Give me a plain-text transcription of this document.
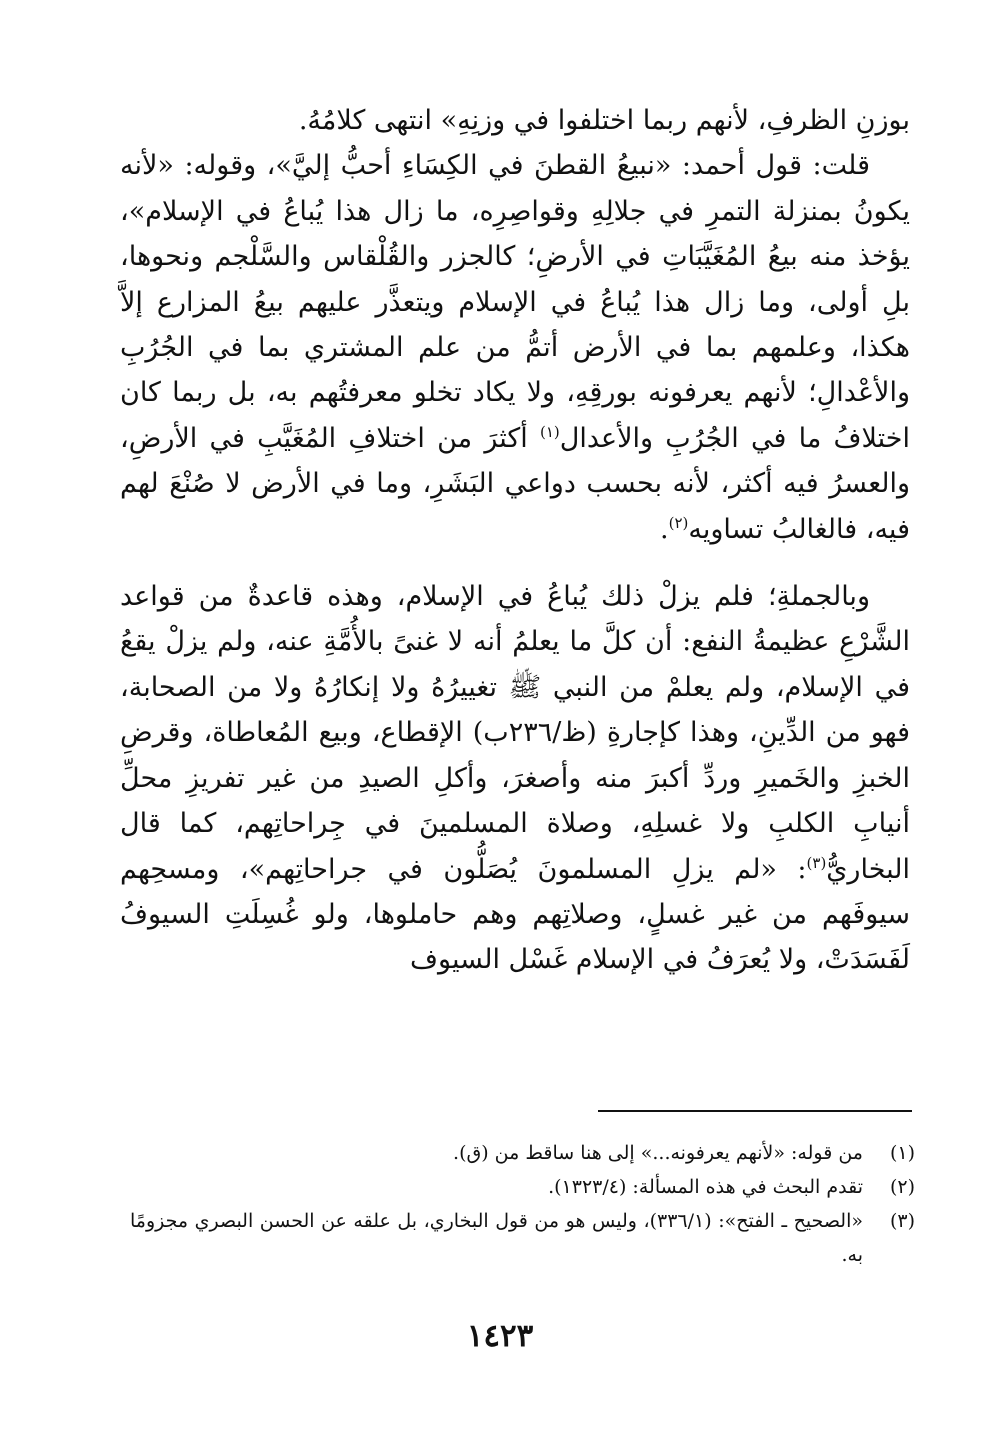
بوزنِ الظرفِ، لأنهم ربما اختلفوا في وزنِهِ» انتهى كلامُهُ.

قلت: قول أحمد: «نبيعُ القطنَ في الكِسَاءِ أحبُّ إليَّ»، وقوله: «لأنه يكونُ بمنزلة التمرِ في جلالِهِ وقواصِرِه، ما زال هذا يُباعُ في الإسلام»، يؤخذ منه بيعُ المُغَيَّبَاتِ في الأرضِ؛ كالجزر والقُلْقاس والسَّلْجم ونحوها، بلِ أولى، وما زال هذا يُباعُ في الإسلام ويتعذَّر عليهم بيعُ المزارع إلاَّ هكذا، وعلمهم بما في الأرض أتمُّ من علم المشتري بما في الجُرُبِ والأعْدالِ؛ لأنهم يعرفونه بورقِهِ، ولا يكاد تخلو معرفتُهم به، بل ربما كان اختلافُ ما في الجُرُبِ والأعدال$^{(١)}$ أكثرَ من اختلافِ المُغَيَّبِ في الأرضِ، والعسرُ فيه أكثر، لأنه بحسب دواعي البَشَرِ، وما في الأرض لا صُنْعَ لهم فيه، فالغالبُ تساويه$^{(٢)}$.

وبالجملةِ؛ فلم يزلْ ذلك يُباعُ في الإسلام، وهذه قاعدةٌ من قواعد الشَّرْعِ عظيمةُ النفع: أن كلَّ ما يعلمُ أنه لا غنىً بالأُمَّةِ عنه، ولم يزلْ يقعُ في الإسلام، ولم يعلمْ من النبي ﷺ تغييرُهُ ولا إنكارُهُ ولا من الصحابة، فهو من الدِّينِ، وهذا كإجارةِ (ظ/٢٣٦ب) الإقطاع، وبيع المُعاطاة، وقرضِ الخبزِ والخَميرِ وردِّ أكبرَ منه وأصغرَ، وأكلِ الصيدِ من غير تفريزِ محلِّ أنيابِ الكلبِ ولا غسلِهِ، وصلاة المسلمينَ في جِراحاتِهم، كما قال البخاريُّ$^{(٣)}$: «لم يزلِ المسلمونَ يُصَلُّون في جراحاتِهم»، ومسحِهم سيوفَهم من غير غسلٍ، وصلاتِهم وهم حاملوها، ولو غُسِلَتِ السيوفُ لَفَسَدَتْ، ولا يُعرَفُ في الإسلام غَسْل السيوف

(١)
من قوله: «لأنهم يعرفونه...» إلى هنا ساقط من (ق).
(٢)
تقدم البحث في هذه المسألة: (١٣٢٣/٤).
(٣)
«الصحيح ـ الفتح»: (٣٣٦/١)، وليس هو من قول البخاري، بل علقه عن الحسن البصري مجزومًا به.
١٤٢٣
